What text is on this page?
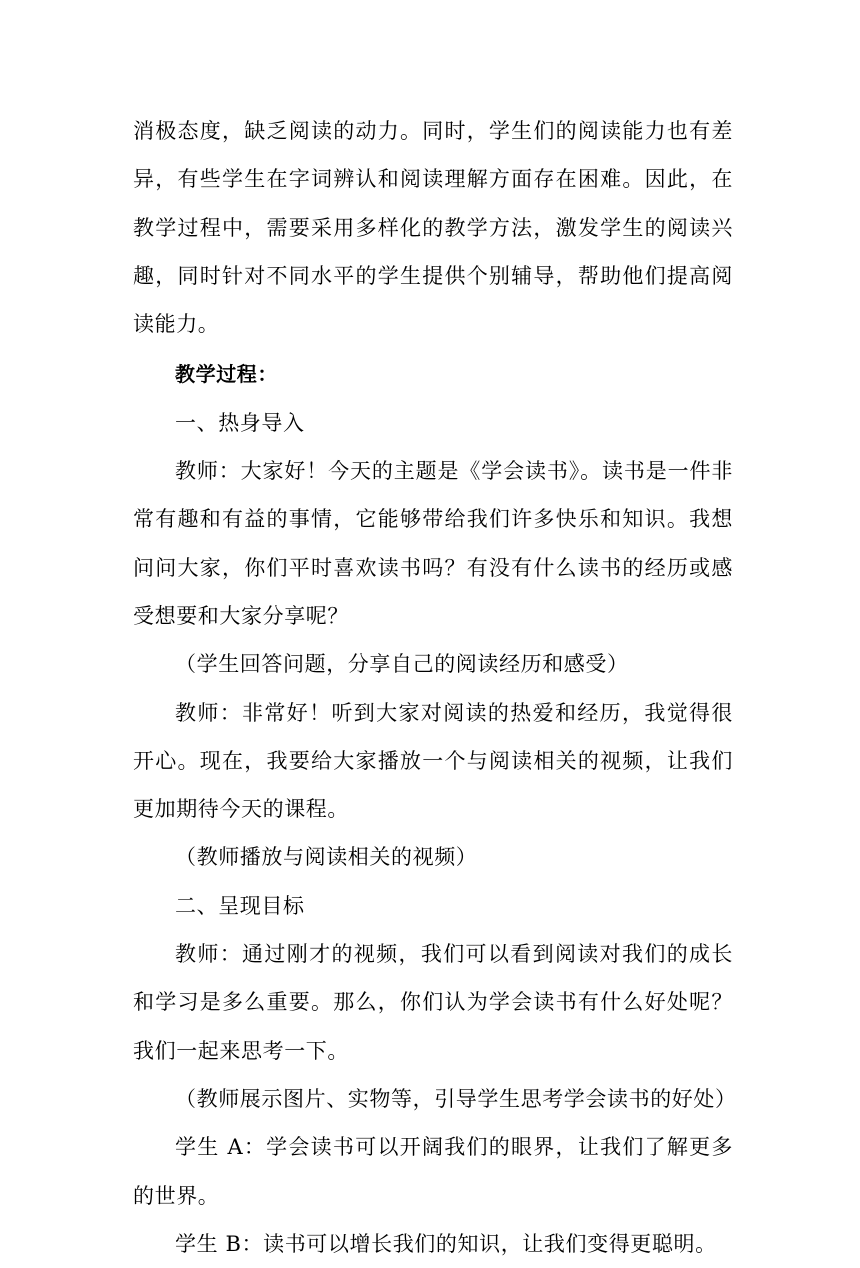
消极态度，缺乏阅读的动力。同时，学生们的阅读能力也有差异，有些学生在字词辨认和阅读理解方面存在困难。因此，在教学过程中，需要采用多样化的教学方法，激发学生的阅读兴趣，同时针对不同水平的学生提供个别辅导，帮助他们提高阅读能力。

教学过程：

一、热身导入

教师：大家好！今天的主题是《学会读书》。读书是一件非常有趣和有益的事情，它能够带给我们许多快乐和知识。我想问问大家，你们平时喜欢读书吗？有没有什么读书的经历或感受想要和大家分享呢？

（学生回答问题，分享自己的阅读经历和感受）

教师：非常好！听到大家对阅读的热爱和经历，我觉得很开心。现在，我要给大家播放一个与阅读相关的视频，让我们更加期待今天的课程。

（教师播放与阅读相关的视频）

二、呈现目标

教师：通过刚才的视频，我们可以看到阅读对我们的成长和学习是多么重要。那么，你们认为学会读书有什么好处呢？我们一起来思考一下。

（教师展示图片、实物等，引导学生思考学会读书的好处）

学生 A：学会读书可以开阔我们的眼界，让我们了解更多的世界。

学生 B：读书可以增长我们的知识，让我们变得更聪明。
